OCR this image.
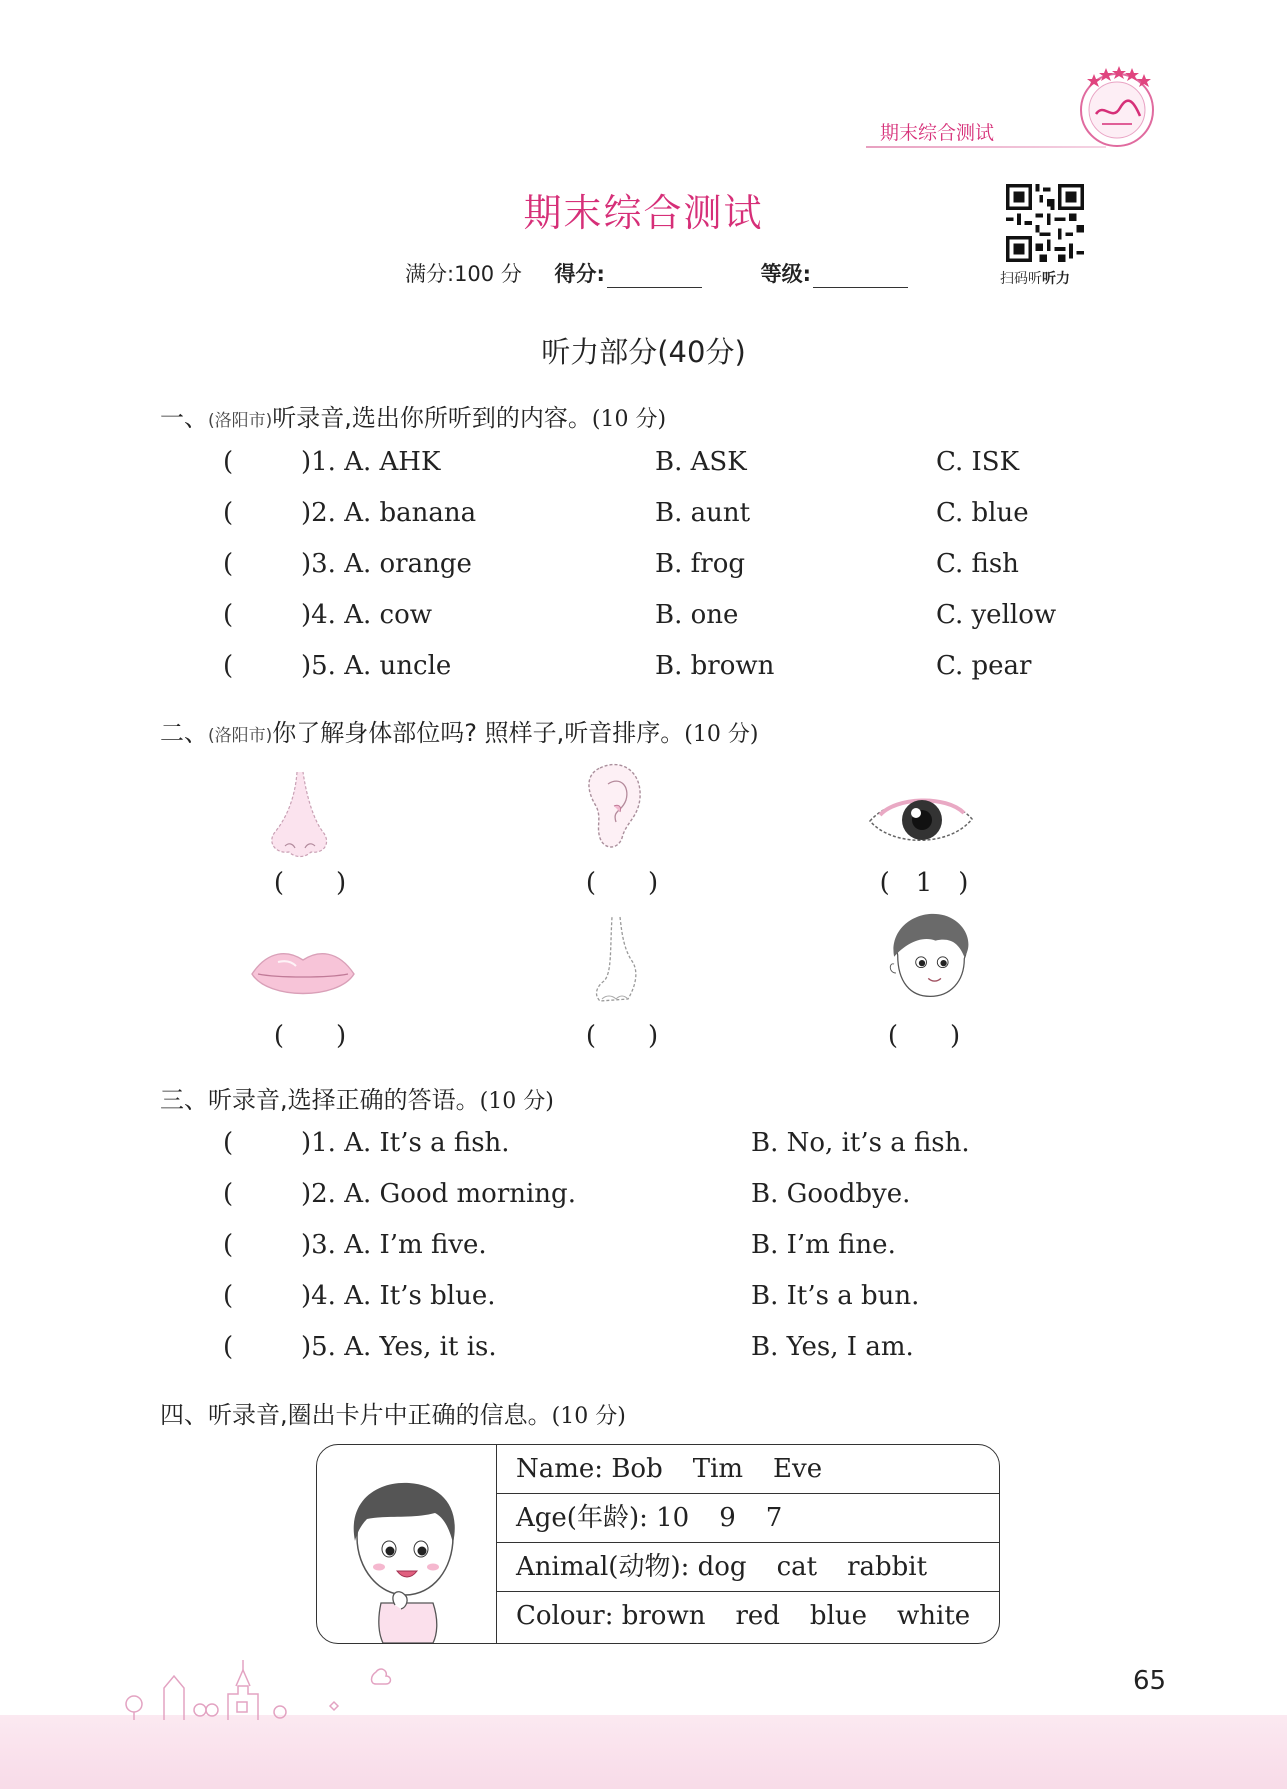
期末综合测试
期末综合测试
满分:100 分 得分:	等级:	扫码听听力
听力部分(40分)
一、(洛阳市)听录音,选出你所听到的内容。(10 分)
(	)1. A. AHK	B. ASK	C. ISK
(	)2. A. banana	B. aunt	C. blue
(	)3. A. orange	B. frog	C. fish
(	)4. A. cow	B. one	C. yellow
(	)5. A. uncle	B. brown	C. pear
二、(洛阳市)你了解身体部位吗? 照样子,听音排序。(10 分)
(　　)	(　　)	(　1　)
(　　)	(　　)	(　　)
三、听录音,选择正确的答语。(10 分)
(	)1. A. It’s a fish.	B. No, it’s a fish.
(	)2. A. Good morning.	B. Goodbye.
(	)3. A. I’m five.	B. I’m fine.
(	)4. A. It’s blue.	B. It’s a bun.
(	)5. A. Yes, it is.	B. Yes, I am.
四、听录音,圈出卡片中正确的信息。(10 分)
Name: Bob Tim Eve
Age(年龄): 10 9 7
Animal(动物): dog cat rabbit
Colour: brown red blue white
65
